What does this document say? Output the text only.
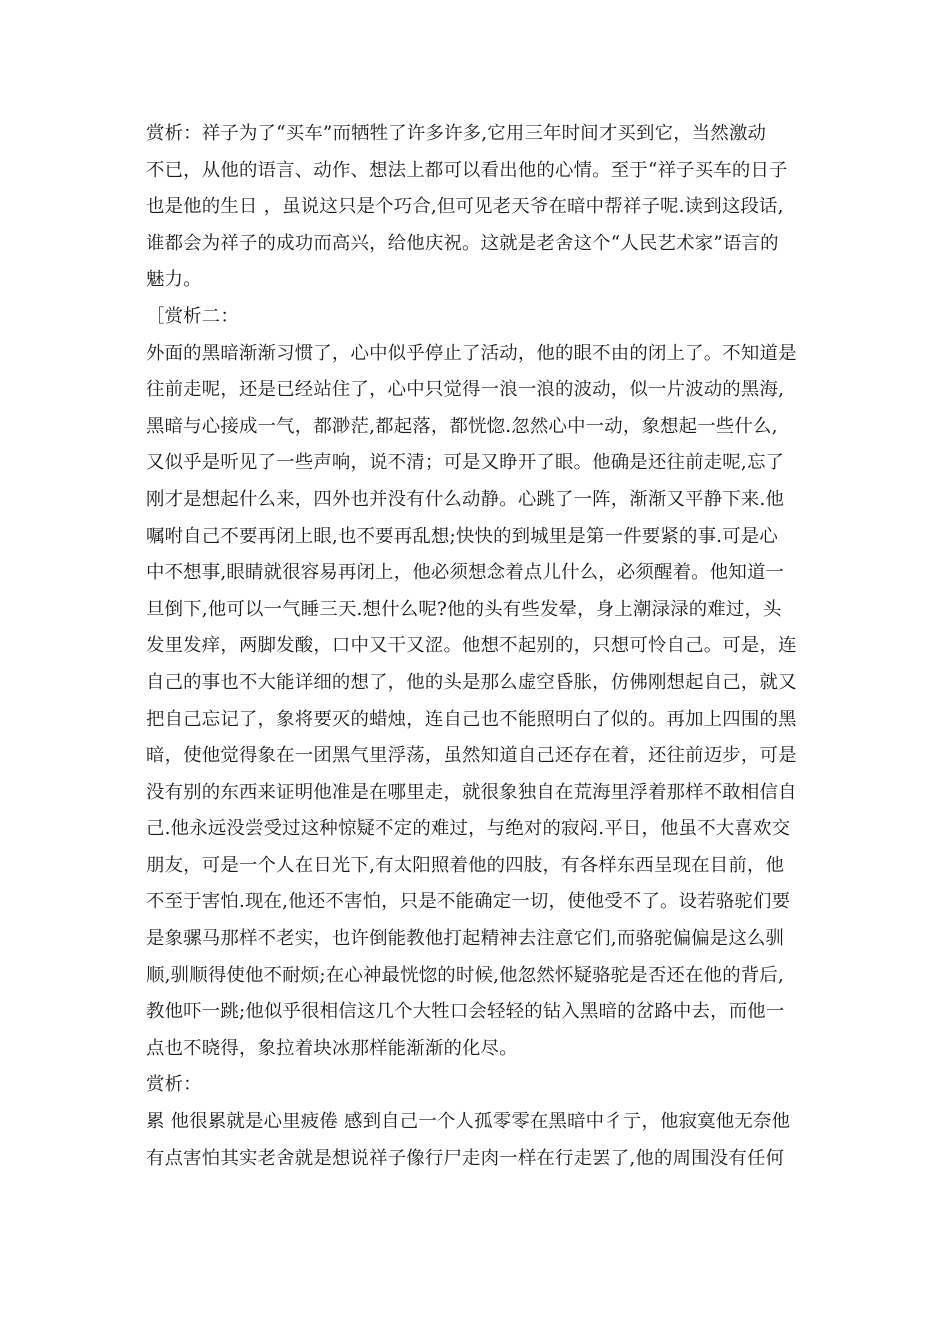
赏析：祥子为了“买车”而牺牲了许多许多,它用三年时间才买到它，当然激动
不已，从他的语言、动作、想法上都可以看出他的心情。至于“祥子买车的日子
也是他的生日 ，虽说这只是个巧合,但可见老天爷在暗中帮祥子呢.读到这段话,
谁都会为祥子的成功而高兴，给他庆祝。这就是老舍这个“人民艺术家”语言的
魅力。
［赏析二：
外面的黑暗渐渐习惯了，心中似乎停止了活动，他的眼不由的闭上了。不知道是
往前走呢，还是已经站住了，心中只觉得一浪一浪的波动，似一片波动的黑海,
黑暗与心接成一气，都渺茫,都起落，都恍惚.忽然心中一动，象想起一些什么,
又似乎是听见了一些声响，说不清；可是又睁开了眼。他确是还往前走呢,忘了
刚才是想起什么来，四外也并没有什么动静。心跳了一阵，渐渐又平静下来.他
嘱咐自己不要再闭上眼,也不要再乱想;快快的到城里是第一件要紧的事.可是心
中不想事,眼睛就很容易再闭上，他必须想念着点儿什么，必须醒着。他知道一
旦倒下,他可以一气睡三天.想什么呢?他的头有些发晕，身上潮渌渌的难过，头
发里发痒，两脚发酸，口中又干又涩。他想不起别的，只想可怜自己。可是，连
自己的事也不大能详细的想了，他的头是那么虚空昏胀，仿佛刚想起自己，就又
把自己忘记了，象将要灭的蜡烛，连自己也不能照明白了似的。再加上四围的黑
暗，使他觉得象在一团黑气里浮荡，虽然知道自己还存在着，还往前迈步，可是
没有别的东西来证明他准是在哪里走，就很象独自在荒海里浮着那样不敢相信自
己.他永远没尝受过这种惊疑不定的难过，与绝对的寂闷.平日，他虽不大喜欢交
朋友，可是一个人在日光下,有太阳照着他的四肢，有各样东西呈现在目前，他
不至于害怕.现在,他还不害怕，只是不能确定一切，使他受不了。设若骆驼们要
是象骡马那样不老实，也许倒能教他打起精神去注意它们,而骆驼偏偏是这么驯
顺,驯顺得使他不耐烦;在心神最恍惚的时候,他忽然怀疑骆驼是否还在他的背后,
教他吓一跳;他似乎很相信这几个大牲口会轻轻的钻入黑暗的岔路中去，而他一
点也不晓得，象拉着块冰那样能渐渐的化尽。
赏析：
累 他很累就是心里疲倦 感到自己一个人孤零零在黑暗中彳亍，他寂寞他无奈他
有点害怕其实老舍就是想说祥子像行尸走肉一样在行走罢了,他的周围没有任何
